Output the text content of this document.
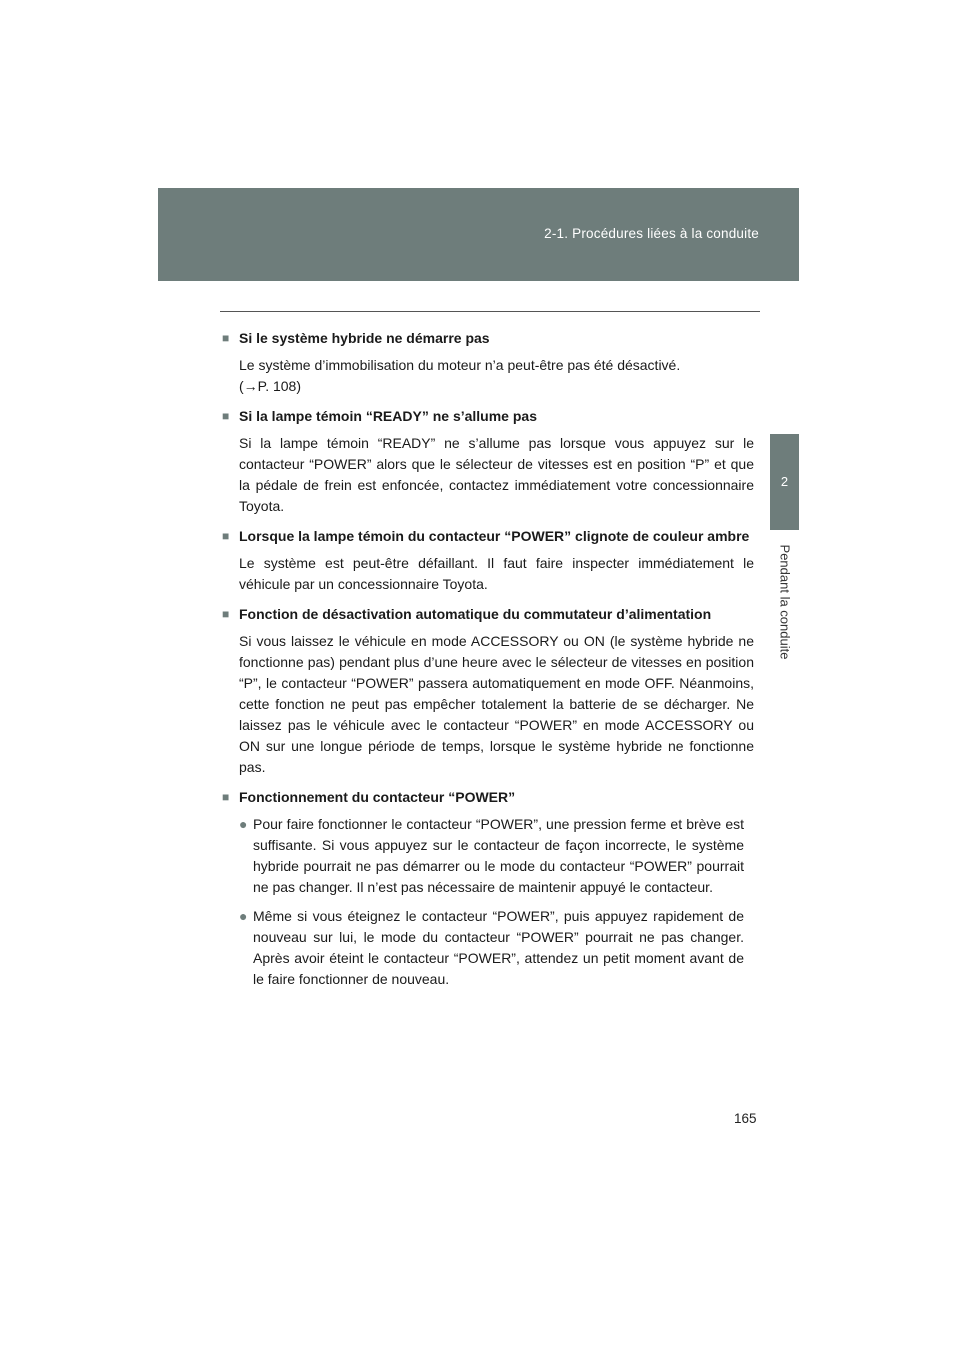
2-1. Procédures liées à la conduite
2
Pendant la conduite
■ Si le système hybride ne démarre pas
Le système d’immobilisation du moteur n’a peut-être pas été désactivé.
(→P. 108)
■ Si la lampe témoin “READY” ne s’allume pas
Si la lampe témoin “READY” ne s’allume pas lorsque vous appuyez sur le contacteur “POWER” alors que le sélecteur de vitesses est en position “P” et que la pédale de frein est enfoncée, contactez immédiatement votre concessionnaire Toyota.
■ Lorsque la lampe témoin du contacteur “POWER” clignote de couleur ambre
Le système est peut-être défaillant. Il faut faire inspecter immédiatement le véhicule par un concessionnaire Toyota.
■ Fonction de désactivation automatique du commutateur d’alimentation
Si vous laissez le véhicule en mode ACCESSORY ou ON (le système hybride ne fonctionne pas) pendant plus d’une heure avec le sélecteur de vitesses en position “P”, le contacteur “POWER” passera automatiquement en mode OFF. Néanmoins, cette fonction ne peut pas empêcher totalement la batterie de se décharger. Ne laissez pas le véhicule avec le contacteur “POWER” en mode ACCESSORY ou ON sur une longue période de temps, lorsque le système hybride ne fonctionne pas.
■ Fonctionnement du contacteur “POWER”
● Pour faire fonctionner le contacteur “POWER”, une pression ferme et brève est suffisante. Si vous appuyez sur le contacteur de façon incorrecte, le système hybride pourrait ne pas démarrer ou le mode du contacteur “POWER” pourrait ne pas changer. Il n’est pas nécessaire de maintenir appuyé le contacteur.
● Même si vous éteignez le contacteur “POWER”, puis appuyez rapidement de nouveau sur lui, le mode du contacteur “POWER” pourrait ne pas changer. Après avoir éteint le contacteur “POWER”, attendez un petit moment avant de le faire fonctionner de nouveau.
165
